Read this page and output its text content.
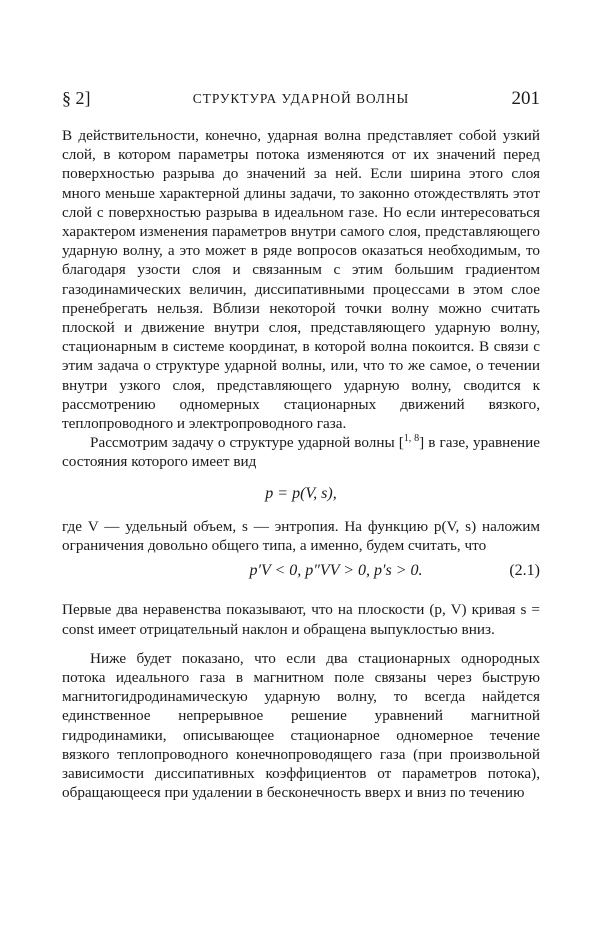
§ 2]	СТРУКТУРА УДАРНОЙ ВОЛНЫ	201

В действительности, конечно, ударная волна представляет собой узкий слой, в котором параметры потока изменяются от их значений перед поверхностью разрыва до значений за ней. Если ширина этого слоя много меньше характерной длины задачи, то законно отождествлять этот слой с поверхностью разрыва в идеальном газе. Но если интересоваться характером изменения параметров внутри самого слоя, представляющего ударную волну, а это может в ряде вопросов оказаться необходимым, то благодаря узости слоя и связанным с этим большим градиентом газодинамических величин, диссипативными процессами в этом слое пренебрегать нельзя. Вблизи некоторой точки волну можно считать плоской и движение внутри слоя, представляющего ударную волну, стационарным в системе координат, в которой волна покоится. В связи с этим задача о структуре ударной волны, или, что то же самое, о течении внутри узкого слоя, представляющего ударную волну, сводится к рассмотрению одномерных стационарных движений вязкого, теплопроводного и электропроводного газа.

Рассмотрим задачу о структуре ударной волны [$^{1, 8}$] в газе, уравнение состояния которого имеет вид

p = p(V, s),

где V — удельный объем, s — энтропия. На функцию p(V, s) наложим ограничения довольно общего типа, а именно, будем считать, что

p′V < 0, p″VV > 0, p′s > 0.	(2.1)

Первые два неравенства показывают, что на плоскости (p, V) кривая s = const имеет отрицательный наклон и обращена выпуклостью вниз.

Ниже будет показано, что если два стационарных однородных потока идеального газа в магнитном поле связаны через быструю магнитогидродинамическую ударную волну, то всегда найдется единственное непрерывное решение уравнений магнитной гидродинамики, описывающее стационарное одномерное течение вязкого теплопроводного конечнопроводящего газа (при произвольной зависимости диссипативных коэффициентов от параметров потока), обращающееся при удалении в бесконечность вверх и вниз по течению
